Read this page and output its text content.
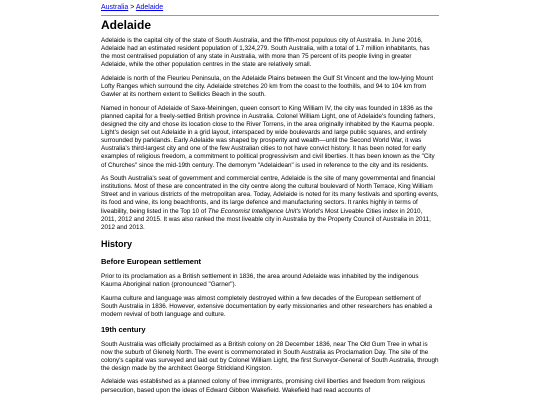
Australia > Adelaide
Adelaide

Adelaide is the capital city of the state of South Australia, and the fifth-most populous city of Australia. In June 2016, Adelaide had an estimated resident population of 1,324,279. South Australia, with a total of 1.7 million inhabitants, has the most centralised population of any state in Australia, with more than 75 percent of its people living in greater Adelaide, while the other population centres in the state are relatively small.

Adelaide is north of the Fleurieu Peninsula, on the Adelaide Plains between the Gulf St Vincent and the low-lying Mount Lofty Ranges which surround the city. Adelaide stretches 20 km from the coast to the foothills, and 94 to 104 km from Gawler at its northern extent to Sellicks Beach in the south.

Named in honour of Adelaide of Saxe-Meiningen, queen consort to King William IV, the city was founded in 1836 as the planned capital for a freely-settled British province in Australia. Colonel William Light, one of Adelaide's founding fathers, designed the city and chose its location close to the River Torrens, in the area originally inhabited by the Kaurna people. Light's design set out Adelaide in a grid layout, interspaced by wide boulevards and large public squares, and entirely surrounded by parklands. Early Adelaide was shaped by prosperity and wealth—until the Second World War, it was Australia's third-largest city and one of the few Australian cities to not have convict history. It has been noted for early examples of religious freedom, a commitment to political progressivism and civil liberties. It has been known as the "City of Churches" since the mid-19th century. The demonym "Adelaidean" is used in reference to the city and its residents.

As South Australia's seat of government and commercial centre, Adelaide is the site of many governmental and financial institutions. Most of these are concentrated in the city centre along the cultural boulevard of North Terrace, King William Street and in various districts of the metropolitan area. Today, Adelaide is noted for its many festivals and sporting events, its food and wine, its long beachfronts, and its large defence and manufacturing sectors. It ranks highly in terms of liveability, being listed in the Top 10 of The Economist Intelligence Unit's World's Most Liveable Cities index in 2010, 2011, 2012 and 2015. It was also ranked the most liveable city in Australia by the Property Council of Australia in 2011, 2012 and 2013.

History
Before European settlement

Prior to its proclamation as a British settlement in 1836, the area around Adelaide was inhabited by the indigenous Kaurna Aboriginal nation (pronounced "Garner").

Kaurna culture and language was almost completely destroyed within a few decades of the European settlement of South Australia in 1836. However, extensive documentation by early missionaries and other researchers has enabled a modern revival of both language and culture.

19th century

South Australia was officially proclaimed as a British colony on 28 December 1836, near The Old Gum Tree in what is now the suburb of Glenelg North. The event is commemorated in South Australia as Proclamation Day. The site of the colony's capital was surveyed and laid out by Colonel William Light, the first Surveyor-General of South Australia, through the design made by the architect George Strickland Kingston.

Adelaide was established as a planned colony of free immigrants, promising civil liberties and freedom from religious persecution, based upon the ideas of Edward Gibbon Wakefield. Wakefield had read accounts of
